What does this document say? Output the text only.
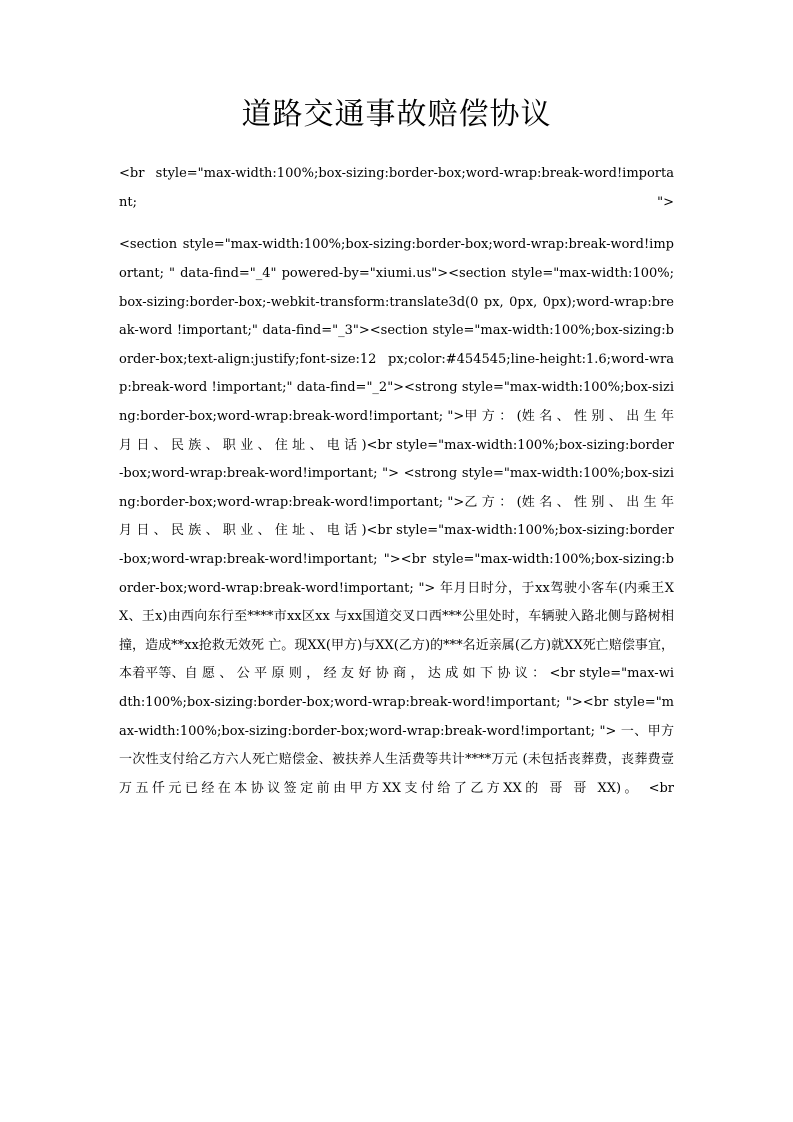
道路交通事故赔偿协议

<br style="max-width:100%;box-sizing:border-box;word-wrap:break-word!important; ">

<section style="max-width:100%;box-sizing:border-box;word-wrap:break-word!important; " data-find="_4" powered-by="xiumi.us"><section style="max-width:100%;box-sizing:border-box;-webkit-transform:translate3d(0 px, 0px, 0px);word-wrap:break-word !important;" data-find="_3"><section style="max-width:100%;box-sizing:border-box;text-align:justify;font-size:12 px;color:#454545;line-height:1.6;word-wrap:break-word !important;" data-find="_2"><strong style="max-width:100%;box-sizing:border-box;word-wrap:break-word!important; ">甲 方 ： (姓 名 、 性 别 、 出 生 年 月 日 、 民 族 、 职 业 、 住 址 、 电 话 )<br style="max-width:100%;box-sizing:border-box;word-wrap:break-word!important; "> <strong style="max-width:100%;box-sizing:border-box;word-wrap:break-word!important; ">乙 方 ： (姓 名 、 性 别 、 出 生 年 月 日 、 民 族 、 职 业 、 住 址 、 电 话 )<br style="max-width:100%;box-sizing:border-box;word-wrap:break-word!important; "><br style="max-width:100%;box-sizing:border-box;word-wrap:break-word!important; "> 年月日时分，于xx驾驶小客车(内乘王XX、王x)由西向东行至****市xx区xx 与xx国道交叉口西***公里处时，车辆驶入路北侧与路树相撞，造成**xx抢救无效死 亡。现XX(甲方)与XX(乙方)的***名近亲属(乙方)就XX死亡赔偿事宜，本着平等、自 愿 、 公 平 原 则 ， 经 友 好 协 商 ， 达 成 如 下 协 议 ： <br style="max-width:100%;box-sizing:border-box;word-wrap:break-word!important; "><br style="max-width:100%;box-sizing:border-box;word-wrap:break-word!important; "> 一、甲方一次性支付给乙方六人死亡赔偿金、被扶养人生活费等共计****万元 (未包括丧葬费，丧葬费壹万五仟元已经在本协议签定前由甲方XX支付给了乙方XX的 哥 哥 XX)。 <br
